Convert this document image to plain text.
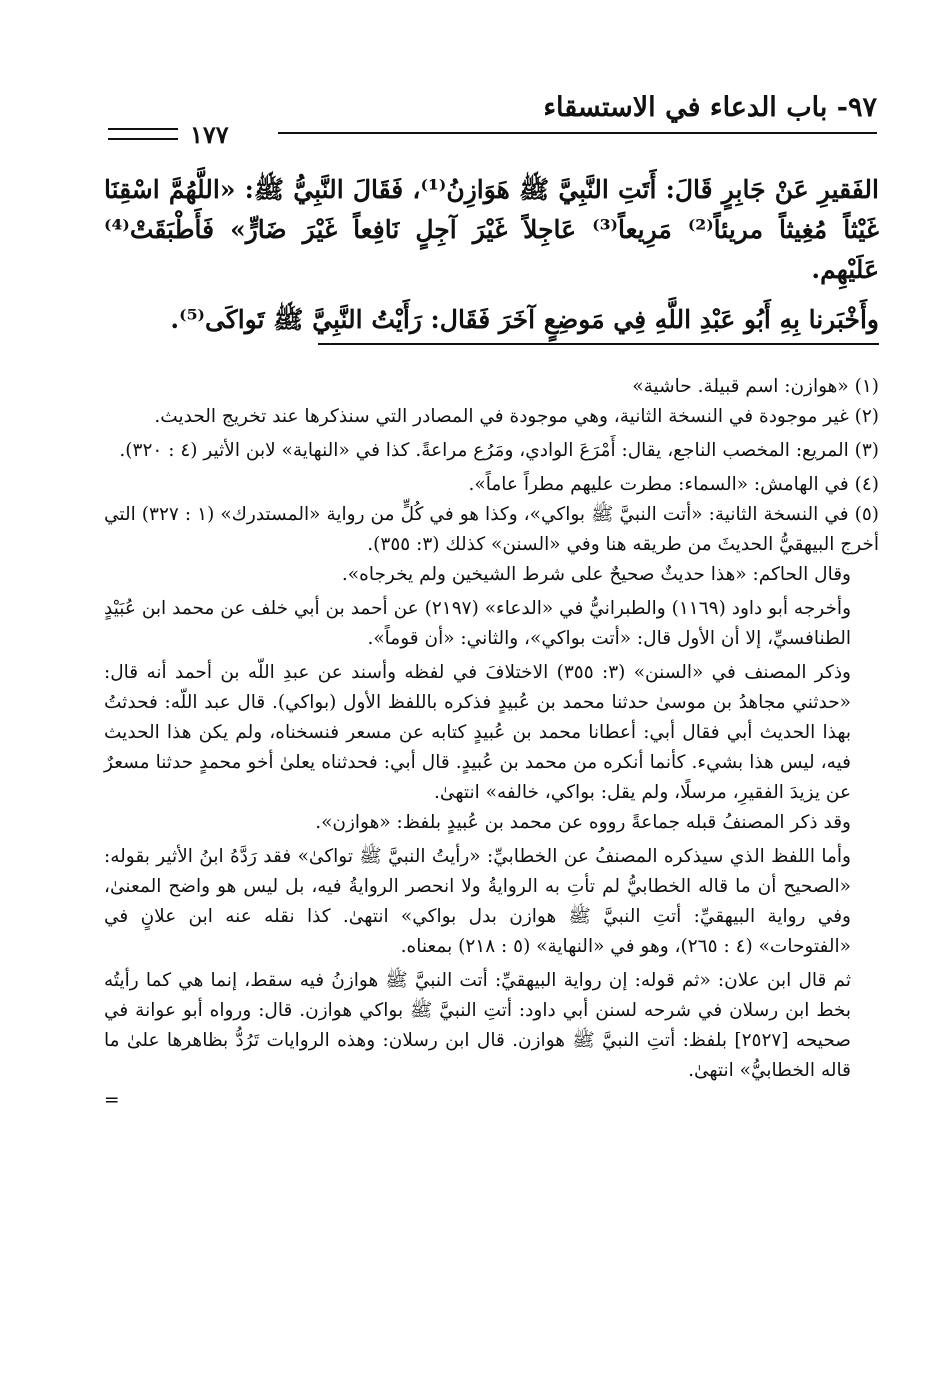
٩٧- باب الدعاء في الاستسقاء
١٧٧

الفَقيرِ عَنْ جَابِرٍ قَالَ: أَتَتِ النَّبِيَّ ﷺ هَوَازِنُ⁽¹⁾، فَقَالَ النَّبِيُّ ﷺ: «اللَّهُمَّ اسْقِنَا غَيْثاً مُغِيثاً مريئاً⁽²⁾ مَرِيعاً⁽³⁾ عَاجِلاً غَيْرَ آجِلٍ نَافِعاً غَيْرَ ضَارٍّ» فَأَطْبَقَتْ⁽⁴⁾ عَلَيْهِم.

وأَخْبَرنا بِهِ أَبُو عَبْدِ اللَّهِ فِي مَوضِعٍ آخَرَ فَقَال: رَأَيْتُ النَّبِيَّ ﷺ تَواكَى⁽⁵⁾.

(١) «هوازن: اسم قبيلة. حاشية»

(٢) غير موجودة في النسخة الثانية، وهي موجودة في المصادر التي سنذكرها عند تخريج الحديث.

(٣) المريع: المخصب الناجع، يقال: أَمْرَعَ الوادي، ومَرُع مراعةً. كذا في «النهاية» لابن الأثير (٤ : ٣٢٠).

(٤) في الهامش: «السماء: مطرت عليهم مطراً عاماً».

(٥) في النسخة الثانية: «أتت النبيَّ ﷺ بواكي»، وكذا هو في كُلٍّ من رواية «المستدرك» (١ : ٣٢٧) التي أخرج البيهقيُّ الحديثَ من طريقه هنا وفي «السنن» كذلك (٣: ٣٥٥).

وقال الحاكم: «هذا حديثٌ صحيحٌ على شرط الشيخين ولم يخرجاه».

وأخرجه أبو داود (١١٦٩) والطبرانيُّ في «الدعاء» (٢١٩٧) عن أحمد بن أبي خلف عن محمد ابن عُبَيْدٍ الطنافسيِّ، إلا أن الأول قال: «أتت بواكي»، والثاني: «أن قوماً».

وذكر المصنف في «السنن» (٣: ٣٥٥) الاختلافَ في لفظه وأسند عن عبدِ اللّه بن أحمد أنه قال: «حدثني مجاهدُ بن موسىٰ حدثنا محمد بن عُبيدٍ فذكره باللفظ الأول (بواكي). قال عبد اللّه: فحدثتُ بهذا الحديث أبي فقال أبي: أعطانا محمد بن عُبيدٍ كتابه عن مسعر فنسخناه، ولم يكن هذا الحديث فيه، ليس هذا بشيء. كأنما أنكره من محمد بن عُبيدٍ. قال أبي: فحدثناه يعلىٰ أخو محمدٍ حدثنا مسعرٌ عن يزيدَ الفقيرِ، مرسلًا، ولم يقل: بواكي، خالفه» انتهىٰ.

وقد ذكر المصنفُ قبله جماعةً رووه عن محمد بن عُبيدٍ بلفظ: «هوازن».

وأما اللفظ الذي سيذكره المصنفُ عن الخطابيِّ: «رأيتُ النبيَّ ﷺ تواكىٰ» فقد رَدَّهُ ابنُ الأثير بقوله: «الصحيح أن ما قاله الخطابيُّ لم تأتِ به الروايةُ ولا انحصر الروايةُ فيه، بل ليس هو واضح المعنىٰ، وفي رواية البيهقيِّ: أتتِ النبيَّ ﷺ هوازن بدل بواكي» انتهىٰ. كذا نقله عنه ابن علانٍ في «الفتوحات» (٤ : ٢٦٥)، وهو في «النهاية» (٥ : ٢١٨) بمعناه.

ثم قال ابن علان: «ثم قوله: إن رواية البيهقيِّ: أتت النبيَّ ﷺ هوازنُ فيه سقط، إنما هي كما رأيتُه بخط ابن رسلان في شرحه لسنن أبي داود: أتتِ النبيَّ ﷺ بواكي هوازن. قال: ورواه أبو عوانة في صحيحه [٢٥٢٧] بلفظ: أتتِ النبيَّ ﷺ هوازن. قال ابن رسلان: وهذه الروايات تَرُدُّ بظاهرها علىٰ ما قاله الخطابيُّ» انتهىٰ.

=
